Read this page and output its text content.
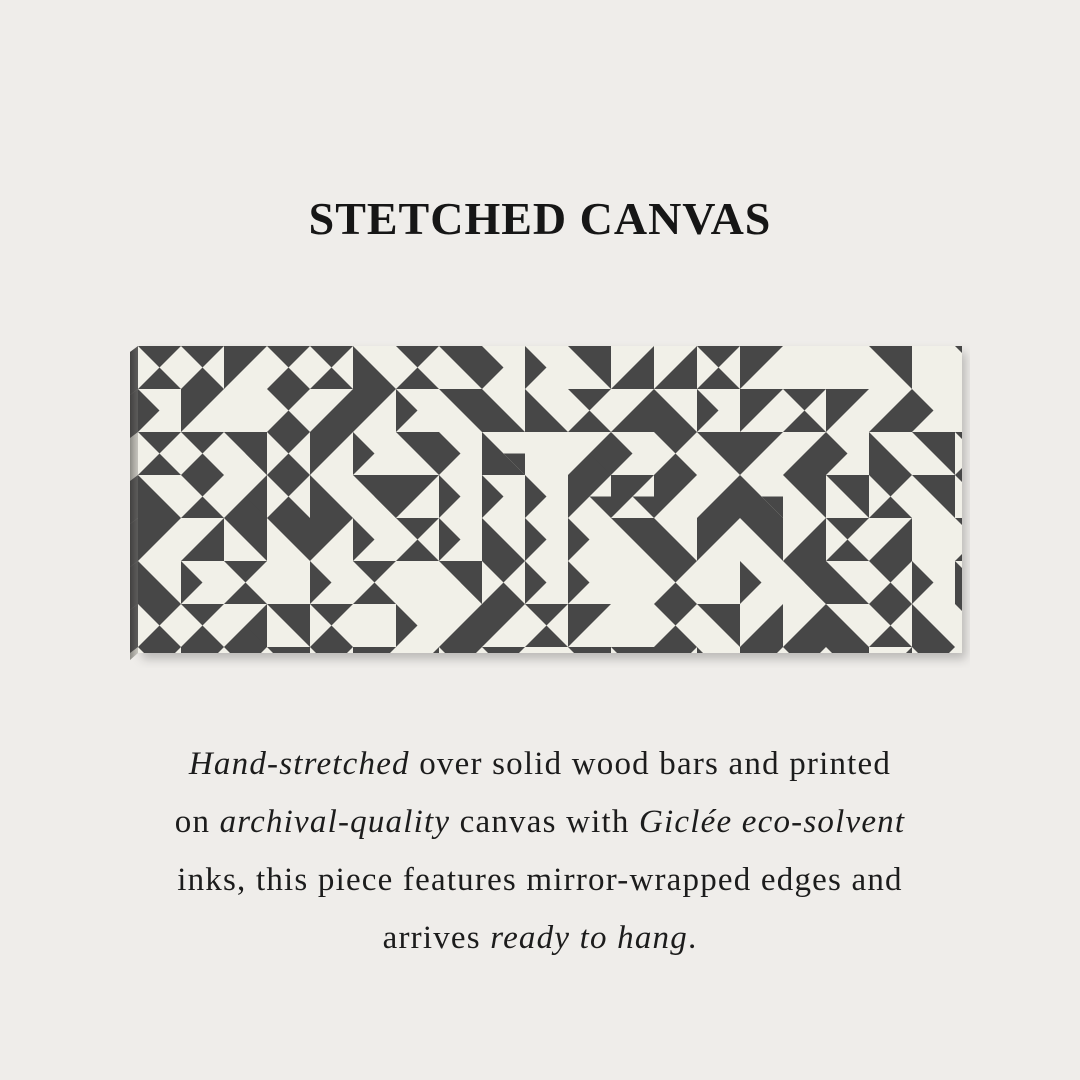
STETCHED CANVAS

Hand-stretched over solid wood bars and printed
on archival-quality canvas with Giclée eco-solvent
inks, this piece features mirror-wrapped edges and
arrives ready to hang.
